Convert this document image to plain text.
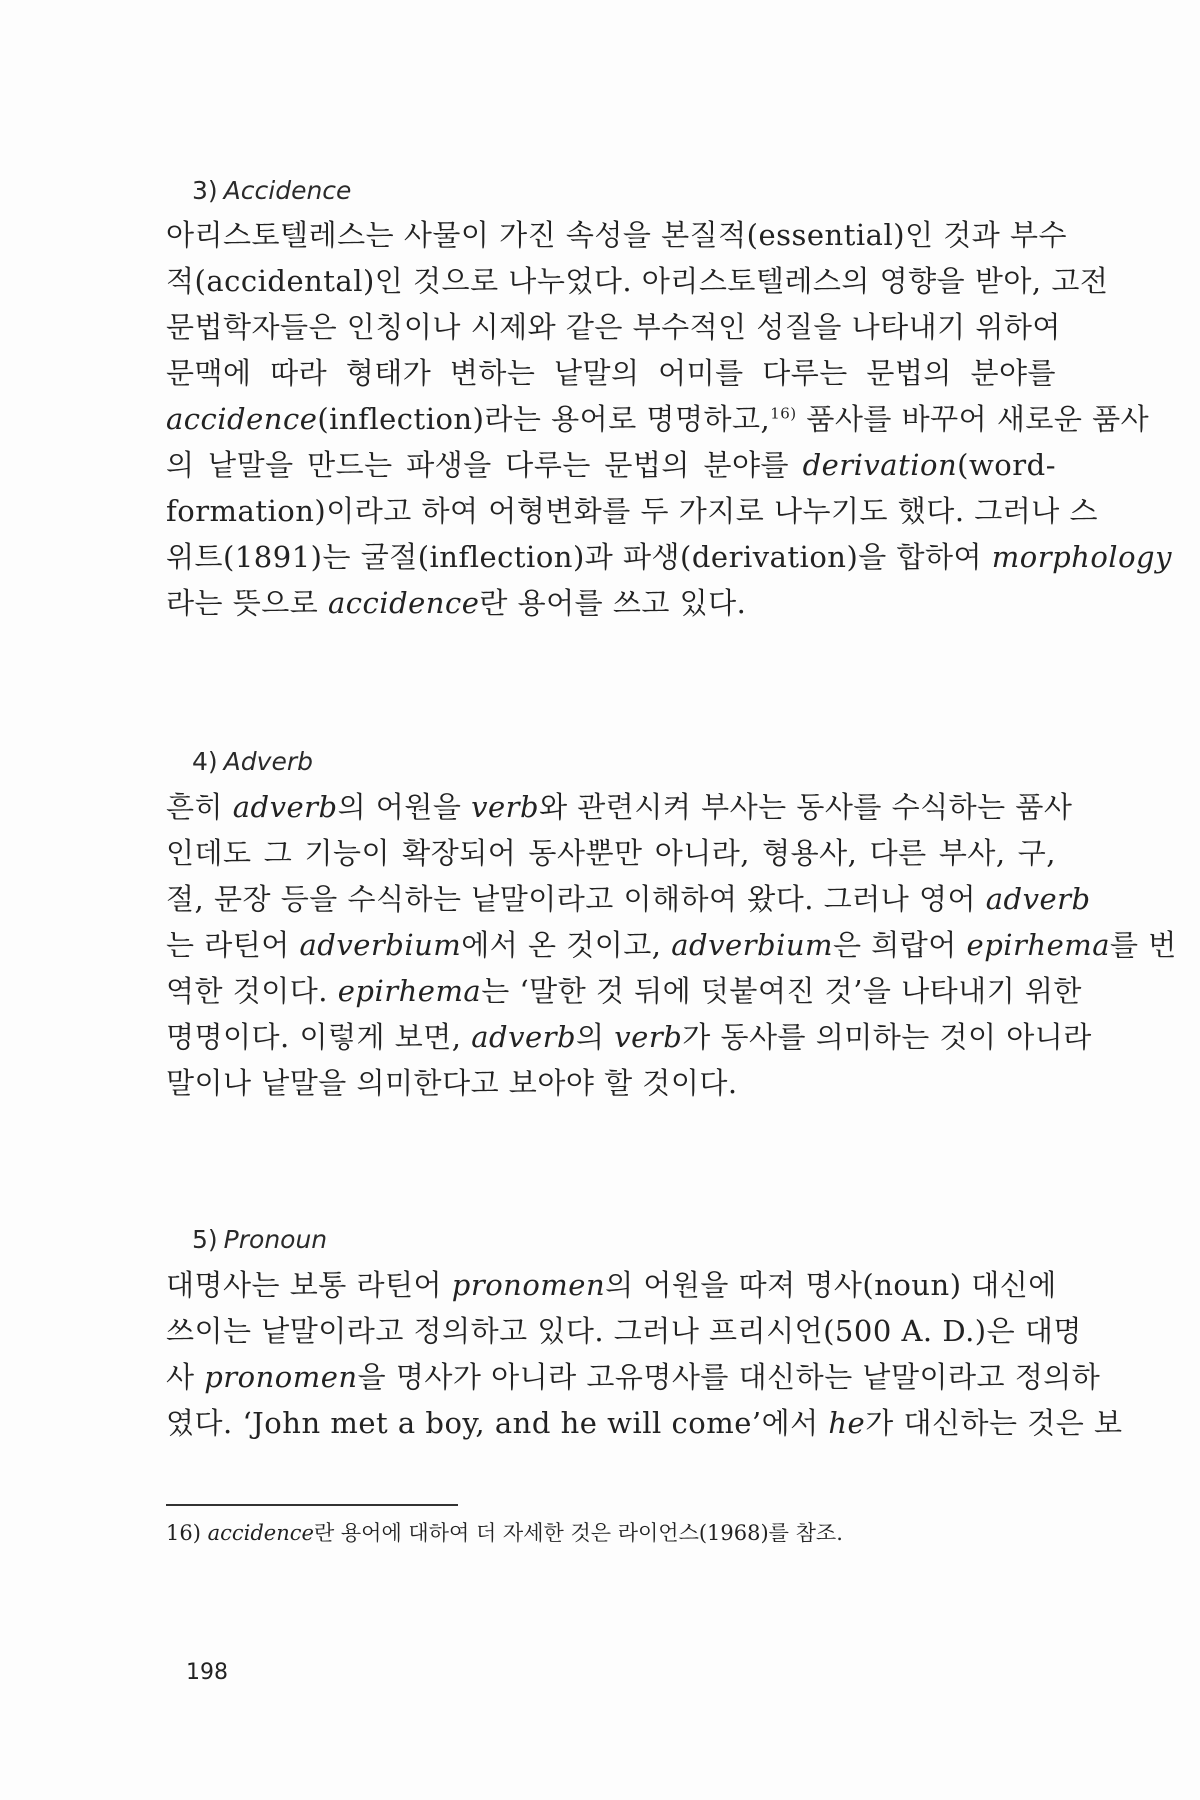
3) Accidence
아리스토텔레스는 사물이 가진 속성을 본질적(essential)인 것과 부수
적(accidental)인 것으로 나누었다. 아리스토텔레스의 영향을 받아, 고전
문법학자들은 인칭이나 시제와 같은 부수적인 성질을 나타내기 위하여
문맥에 따라 형태가 변하는 낱말의 어미를 다루는 문법의 분야를
accidence(inflection)라는 용어로 명명하고,$^{16)}$ 품사를 바꾸어 새로운 품사
의 낱말을 만드는 파생을 다루는 문법의 분야를 derivation(word-
formation)이라고 하여 어형변화를 두 가지로 나누기도 했다. 그러나 스
위트(1891)는 굴절(inflection)과 파생(derivation)을 합하여 morphology
라는 뜻으로 accidence란 용어를 쓰고 있다.
4) Adverb
흔히 adverb의 어원을 verb와 관련시켜 부사는 동사를 수식하는 품사
인데도 그 기능이 확장되어 동사뿐만 아니라, 형용사, 다른 부사, 구,
절, 문장 등을 수식하는 낱말이라고 이해하여 왔다. 그러나 영어 adverb
는 라틴어 adverbium에서 온 것이고, adverbium은 희랍어 epirhema를 번
역한 것이다. epirhema는 ‘말한 것 뒤에 덧붙여진 것’을 나타내기 위한
명명이다. 이렇게 보면, adverb의 verb가 동사를 의미하는 것이 아니라
말이나 낱말을 의미한다고 보아야 할 것이다.
5) Pronoun
대명사는 보통 라틴어 pronomen의 어원을 따져 명사(noun) 대신에
쓰이는 낱말이라고 정의하고 있다. 그러나 프리시언(500 A. D.)은 대명
사 pronomen을 명사가 아니라 고유명사를 대신하는 낱말이라고 정의하
였다. ‘John met a boy, and he will come’에서 he가 대신하는 것은 보
16) accidence란 용어에 대하여 더 자세한 것은 라이언스(1968)를 참조.
198
